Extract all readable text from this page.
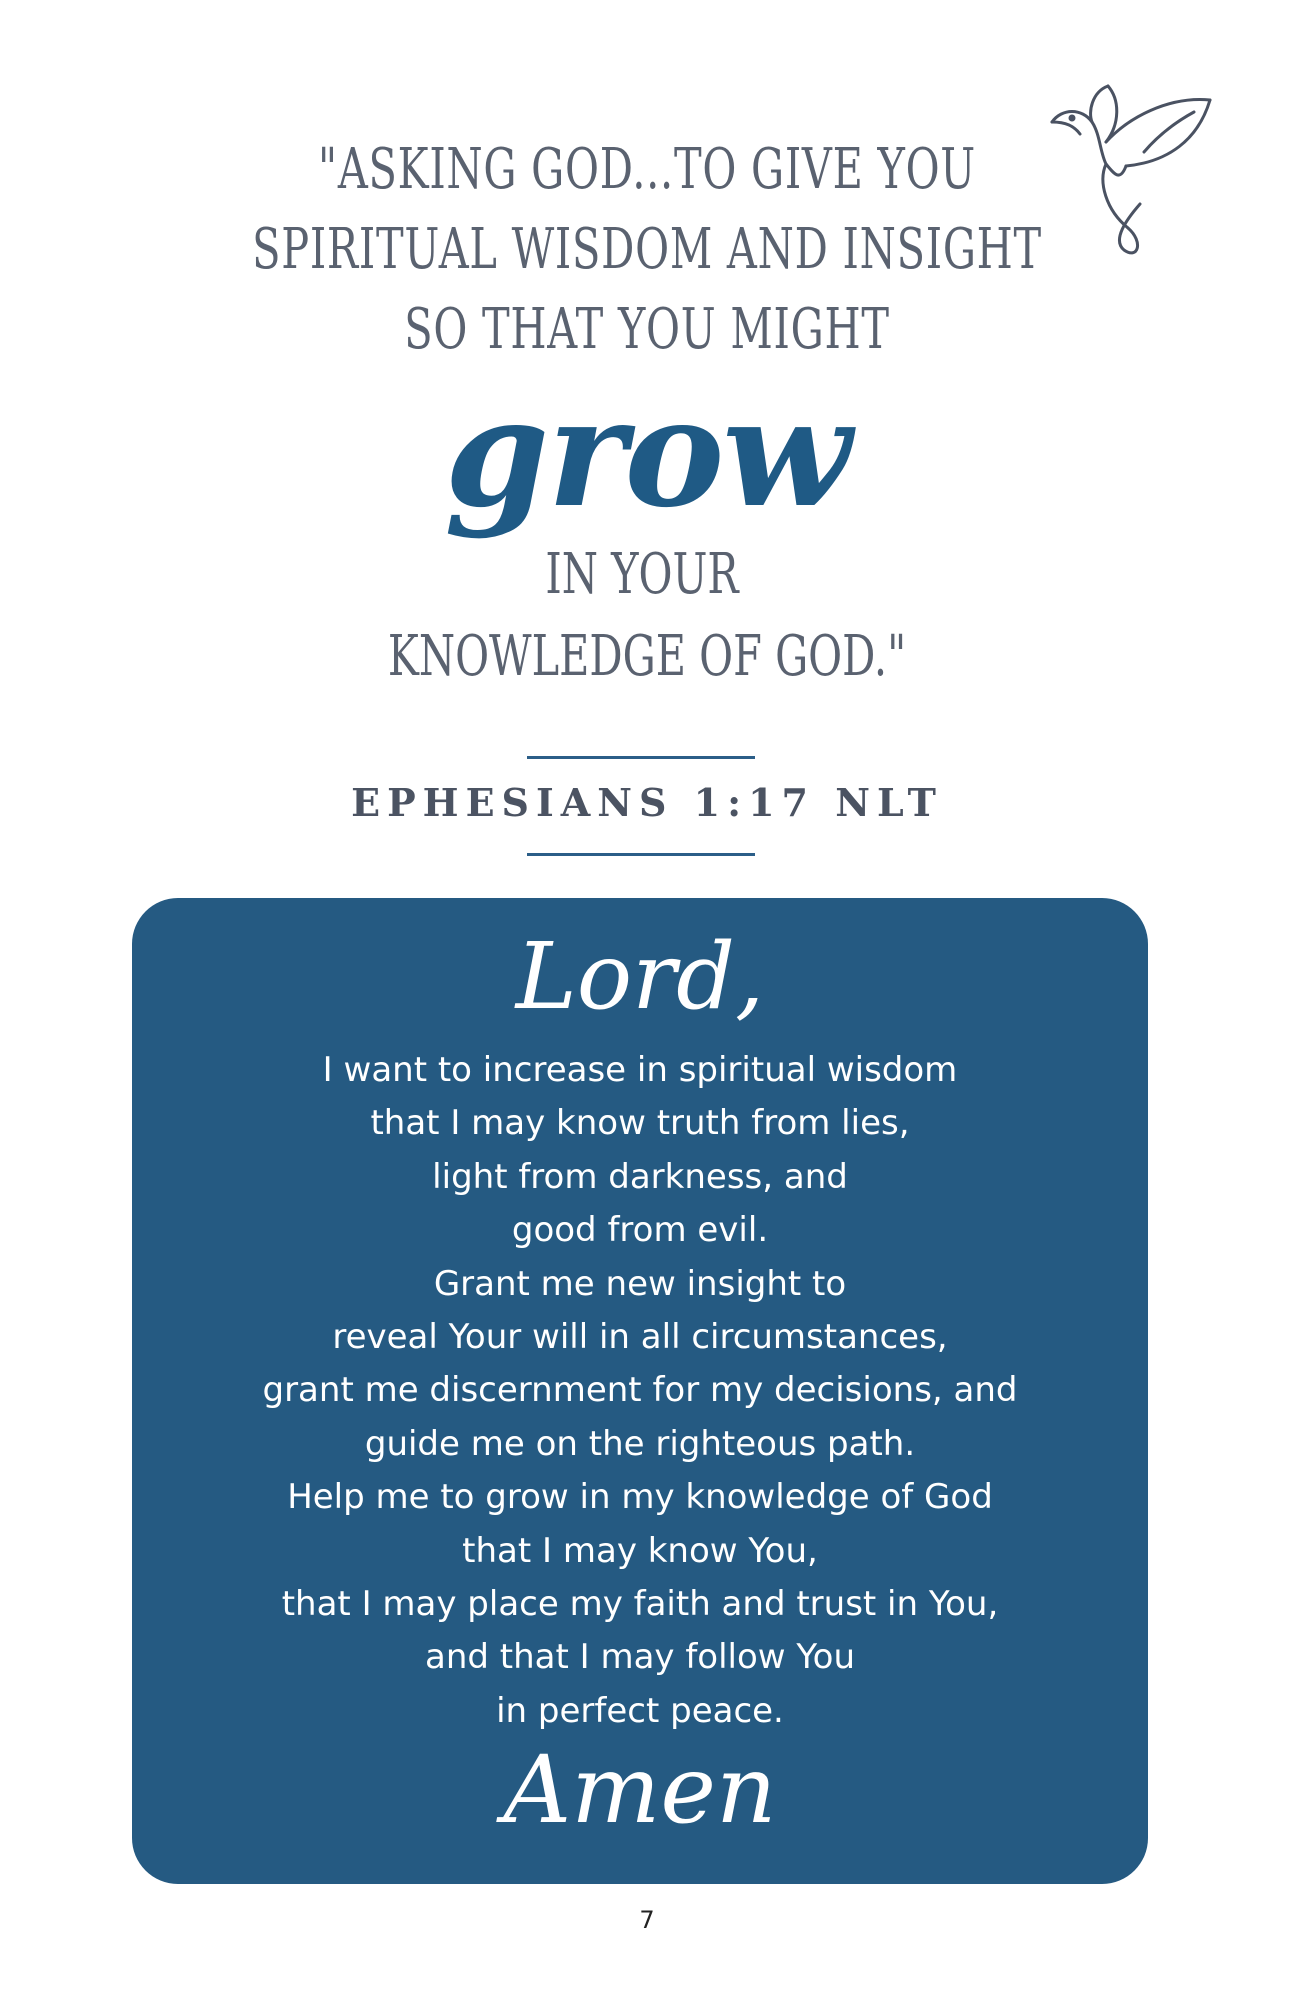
"ASKING GOD...TO GIVE YOU
SPIRITUAL WISDOM AND INSIGHT
SO THAT YOU MIGHT
grow
IN YOUR
KNOWLEDGE OF GOD."
EPHESIANS 1:17 NLT
Lord,
I want to increase in spiritual wisdom
that I may know truth from lies,
light from darkness, and
good from evil.
Grant me new insight to
reveal Your will in all circumstances,
grant me discernment for my decisions, and
guide me on the righteous path.
Help me to grow in my knowledge of God
that I may know You,
that I may place my faith and trust in You,
and that I may follow You
in perfect peace.
Amen
7
